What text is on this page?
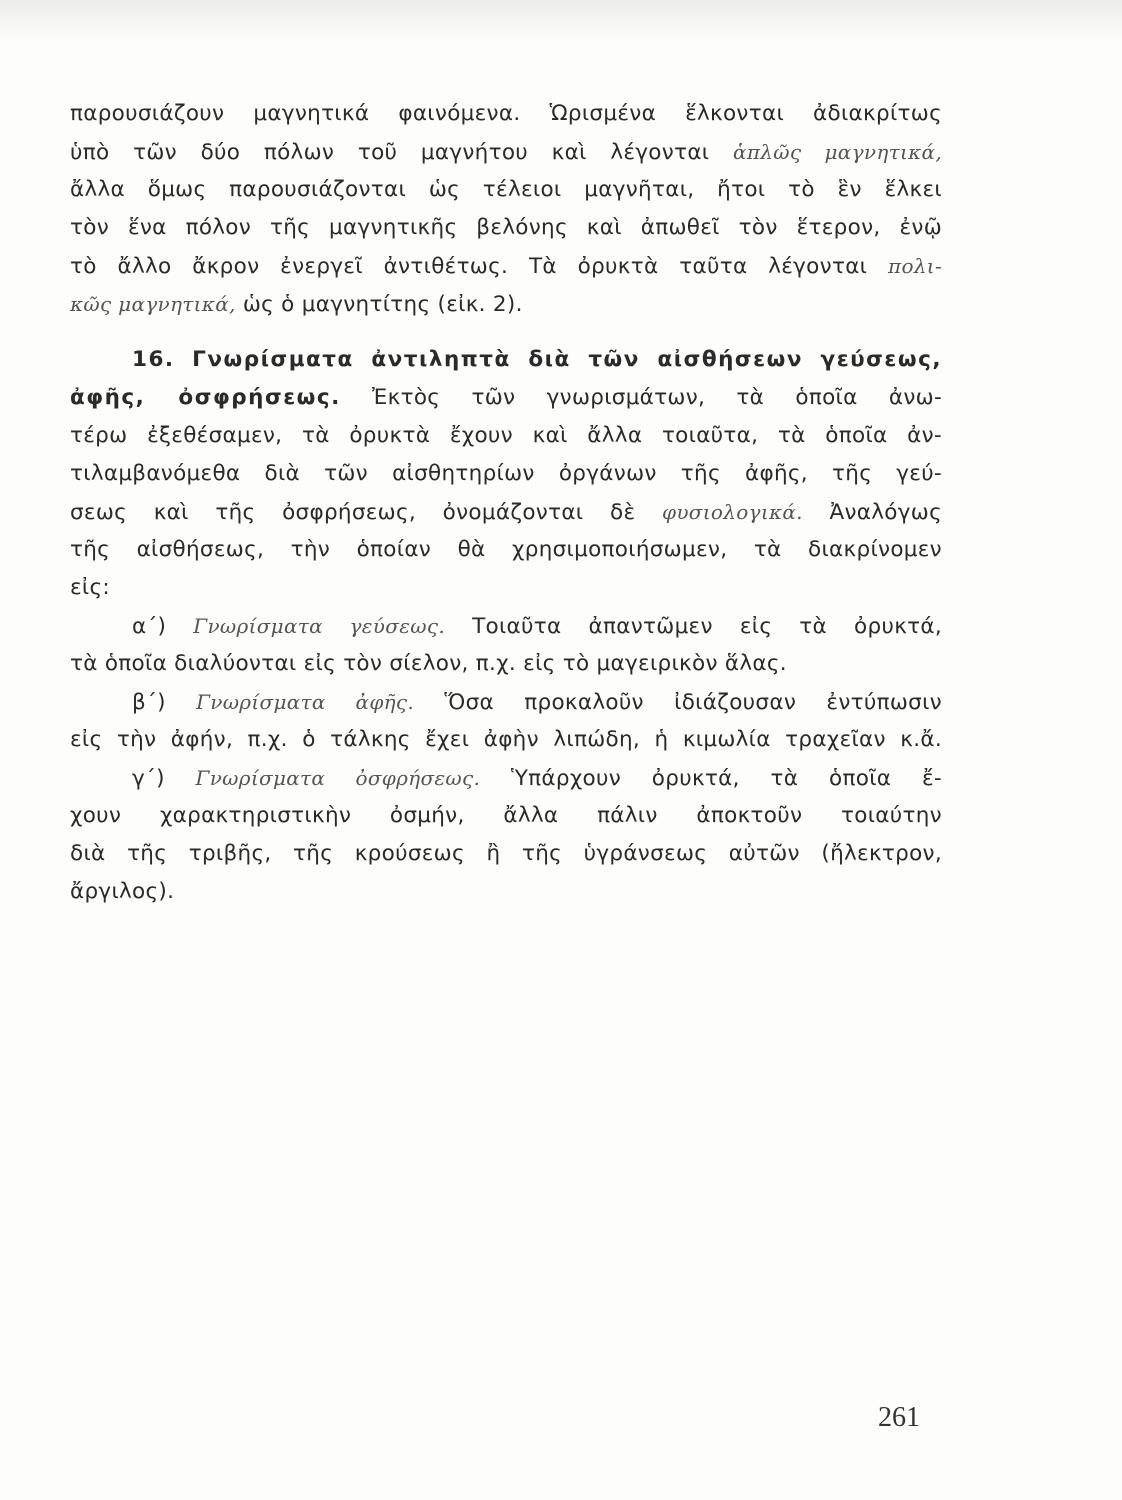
παρουσιάζουν μαγνητικά φαινόμενα. Ὡρισμένα ἕλκονται ἀδιακρίτως
ὑπὸ τῶν δύο πόλων τοῦ μαγνήτου καὶ λέγονται ἁπλῶς μαγνητικά,
ἄλλα ὅμως παρουσιάζονται ὡς τέλειοι μαγνῆται, ἤτοι τὸ ἓν ἕλκει
τὸν ἕνα πόλον τῆς μαγνητικῆς βελόνης καὶ ἀπωθεῖ τὸν ἕτερον, ἐνῷ
τὸ ἄλλο ἄκρον ἐνεργεῖ ἀντιθέτως. Τὰ ὀρυκτὰ ταῦτα λέγονται πολι-
κῶς μαγνητικά, ὡς ὁ μαγνητίτης (εἰκ. 2).
16. Γνωρίσματα ἀντιληπτὰ διὰ τῶν αἰσθήσεων γεύσεως,
ἀφῆς, ὀσφρήσεως. Ἐκτὸς τῶν γνωρισμάτων, τὰ ὁποῖα ἀνω-
τέρω ἐξεθέσαμεν, τὰ ὀρυκτὰ ἔχουν καὶ ἄλλα τοιαῦτα, τὰ ὁποῖα ἀν-
τιλαμβανόμεθα διὰ τῶν αἰσθητηρίων ὀργάνων τῆς ἀφῆς, τῆς γεύ-
σεως καὶ τῆς ὀσφρήσεως, ὀνομάζονται δὲ φυσιολογικά. Ἀναλόγως
τῆς αἰσθήσεως, τὴν ὁποίαν θὰ χρησιμοποιήσωμεν, τὰ διακρίνομεν
εἰς:
α΄) Γνωρίσματα γεύσεως. Τοιαῦτα ἀπαντῶμεν εἰς τὰ ὀρυκτά,
τὰ ὁποῖα διαλύονται εἰς τὸν σίελον, π.χ. εἰς τὸ μαγειρικὸν ἅλας.
β΄) Γνωρίσματα ἀφῆς. Ὅσα προκαλοῦν ἰδιάζουσαν ἐντύπωσιν
εἰς τὴν ἀφήν, π.χ. ὁ τάλκης ἔχει ἀφὴν λιπώδη, ἡ κιμωλία τραχεῖαν κ.ἄ.
γ΄) Γνωρίσματα ὀσφρήσεως. Ὑπάρχουν ὀρυκτά, τὰ ὁποῖα ἔ-
χουν χαρακτηριστικὴν ὀσμήν, ἄλλα πάλιν ἀποκτοῦν τοιαύτην
διὰ τῆς τριβῆς, τῆς κρούσεως ἢ τῆς ὑγράνσεως αὐτῶν (ἤλεκτρον,
ἄργιλος).
261
